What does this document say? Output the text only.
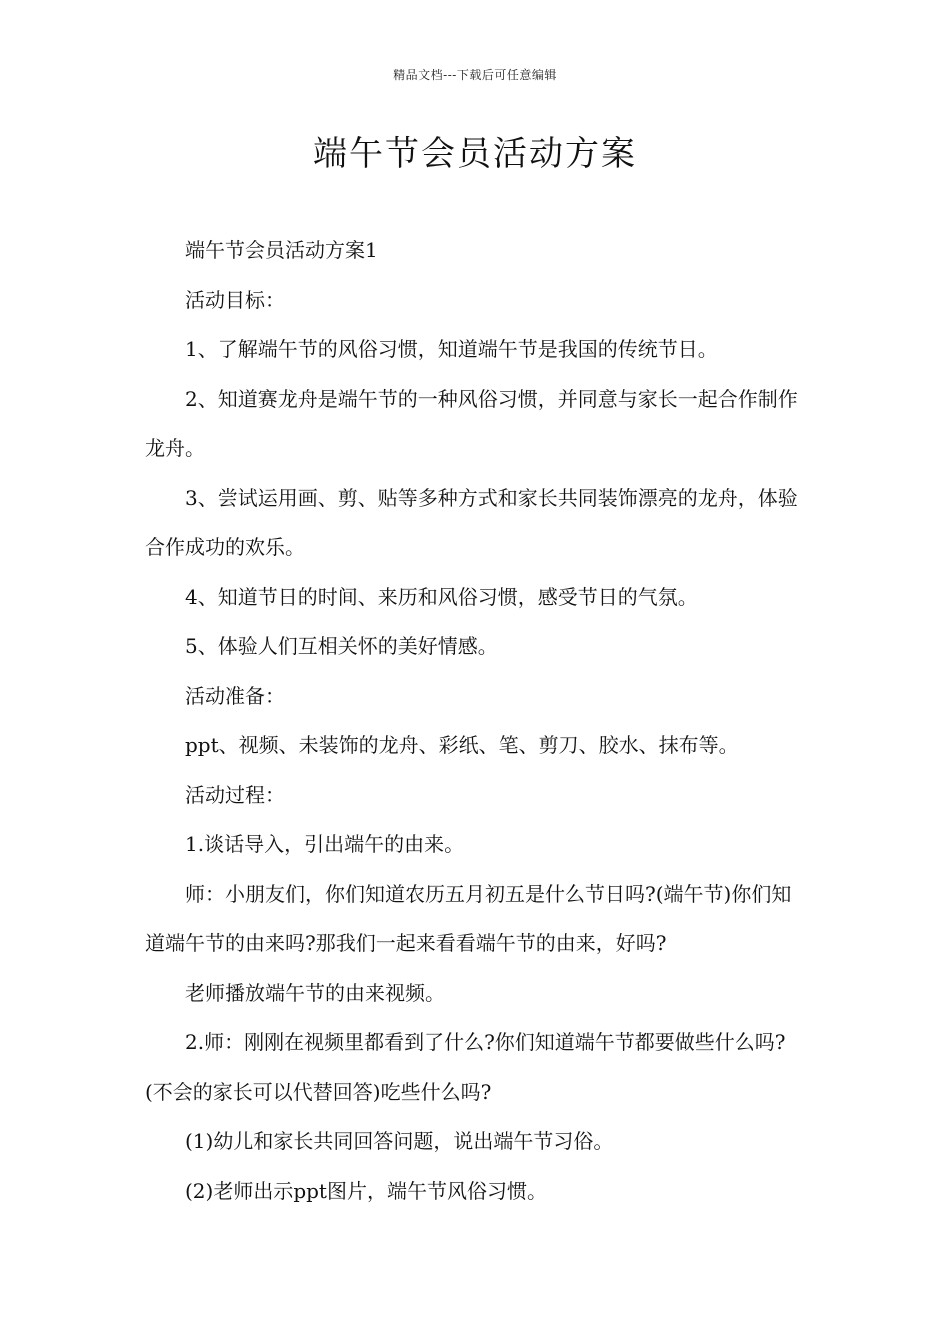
精品文档---下载后可任意编辑
端午节会员活动方案

端午节会员活动方案1

活动目标：

1、了解端午节的风俗习惯，知道端午节是我国的传统节日。

2、知道赛龙舟是端午节的一种风俗习惯，并同意与家长一起合作制作龙舟。

3、尝试运用画、剪、贴等多种方式和家长共同装饰漂亮的龙舟，体验合作成功的欢乐。

4、知道节日的时间、来历和风俗习惯，感受节日的气氛。

5、体验人们互相关怀的美好情感。

活动准备：

ppt、视频、未装饰的龙舟、彩纸、笔、剪刀、胶水、抹布等。

活动过程：

1.谈话导入，引出端午的由来。

师：小朋友们，你们知道农历五月初五是什么节日吗?(端午节)你们知道端午节的由来吗?那我们一起来看看端午节的由来，好吗?

老师播放端午节的由来视频。

2.师：刚刚在视频里都看到了什么?你们知道端午节都要做些什么吗?(不会的家长可以代替回答)吃些什么吗?

(1)幼儿和家长共同回答问题，说出端午节习俗。

(2)老师出示ppt图片，端午节风俗习惯。
